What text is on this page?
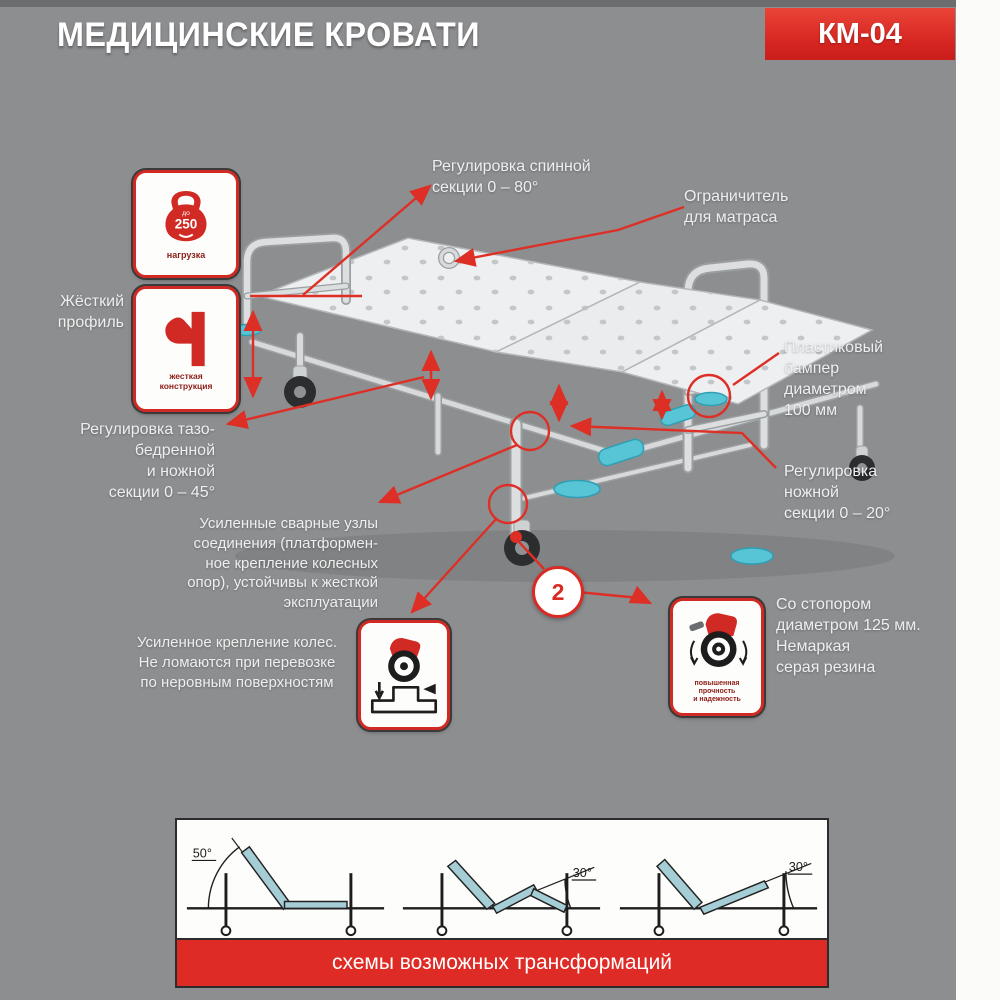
МЕДИЦИНСКИЕ КРОВАТИ	КМ-04
Регулировка спинной
секции 0 – 80°
Ограничитель
для матраса
Жёсткий
профиль
Пластиковый
бампер
диаметром
100 мм
Регулировка тазо-
бедренной
и ножной
секции 0 – 45°
Регулировка
ножной
секции 0 – 20°
Усиленные сварные узлы
соединения (платформен-
ное крепление колесных
опор), устойчивы к жесткой
эксплуатации
Усиленное крепление колес.
Не ломаются при перевозке
по неровным поверхностям
Со стопором
диаметром 125 мм.
Немаркая
серая резина
2
до
250
нагрузка
жесткая
конструкция
повышенная
прочность
и надежность
50°
30°	30°
схемы возможных трансформаций
